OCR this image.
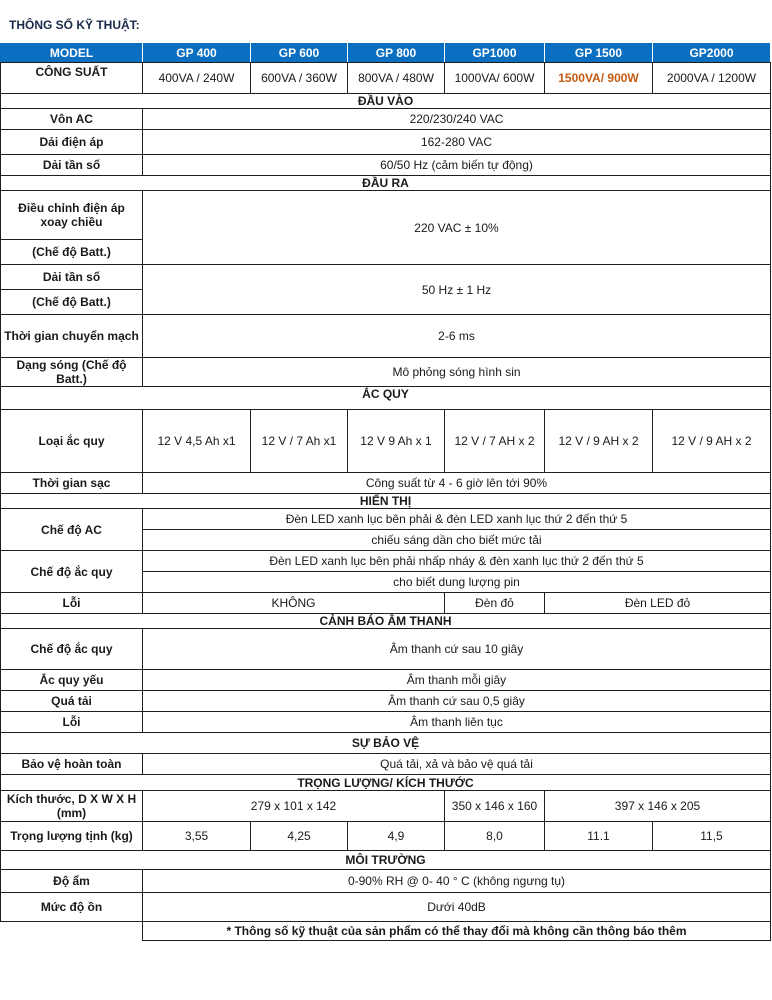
THÔNG SỐ KỸ THUẬT:
MODEL	GP 400	GP 600	GP 800	GP1000	GP 1500	GP2000
CÔNG SUẤT	400VA / 240W	600VA / 360W	800VA / 480W	1000VA/ 600W	1500VA/ 900W	2000VA / 1200W
ĐẦU VÀO						
Vôn AC	220/230/240 VAC					
Dải điện áp	162-280 VAC					
Dải tần số	60/50 Hz (cảm biến tự động)					
ĐẦU RA						
Điều chỉnh điện áp xoay chiều	220 VAC ± 10%					
(Chế độ Batt.)						
Dải tần số	50 Hz ± 1 Hz					
(Chế độ Batt.)						
Thời gian chuyển mạch	2-6 ms					
Dạng sóng (Chế độ Batt.)	Mô phỏng sóng hình sin					
ẮC QUY						
Loại ắc quy	12 V 4,5 Ah x1	12 V / 7 Ah x1	12 V 9 Ah x 1	12 V / 7 AH x 2	12 V / 9 AH x 2	12 V / 9 AH x 2
Thời gian sạc	Công suất từ 4 - 6 giờ lên tới 90%					
HIỂN THỊ						
Chế độ AC	Đèn LED xanh lục bên phải & đèn LED xanh lục thứ 2 đến thứ 5					
	chiếu sáng dần cho biết mức tải					
Chế độ ắc quy	Đèn LED xanh lục bên phải nhấp nháy & đèn xanh lục thứ 2 đến thứ 5					
	cho biết dung lượng pin					
Lỗi	KHÔNG			Đèn đỏ	Đèn LED đỏ	
CẢNH BÁO ÂM THANH						
Chế độ ắc quy	Âm thanh cứ sau 10 giây					
Ắc quy yếu	Âm thanh mỗi giây					
Quá tải	Âm thanh cứ sau 0,5 giây					
Lỗi	Âm thanh liên tục					
SỰ BẢO VỆ						
Bảo vệ hoàn toàn	Quá tải, xả và bảo vệ quá tải					
TRỌNG LƯỢNG/ KÍCH THƯỚC						
Kích thước, D X W X H (mm)	279 x 101 x 142			350 x 146 x 160	397 x 146 x 205	
Trọng lượng tịnh (kg)	3,55	4,25	4,9	8,0	11.1	11,5
MÔI TRƯỜNG						
Độ ẩm	0-90% RH @ 0- 40 ° C (không ngưng tụ)					
Mức độ ồn	Dưới 40dB					
	* Thông số kỹ thuật của sản phẩm có thể thay đổi mà không cần thông báo thêm					
